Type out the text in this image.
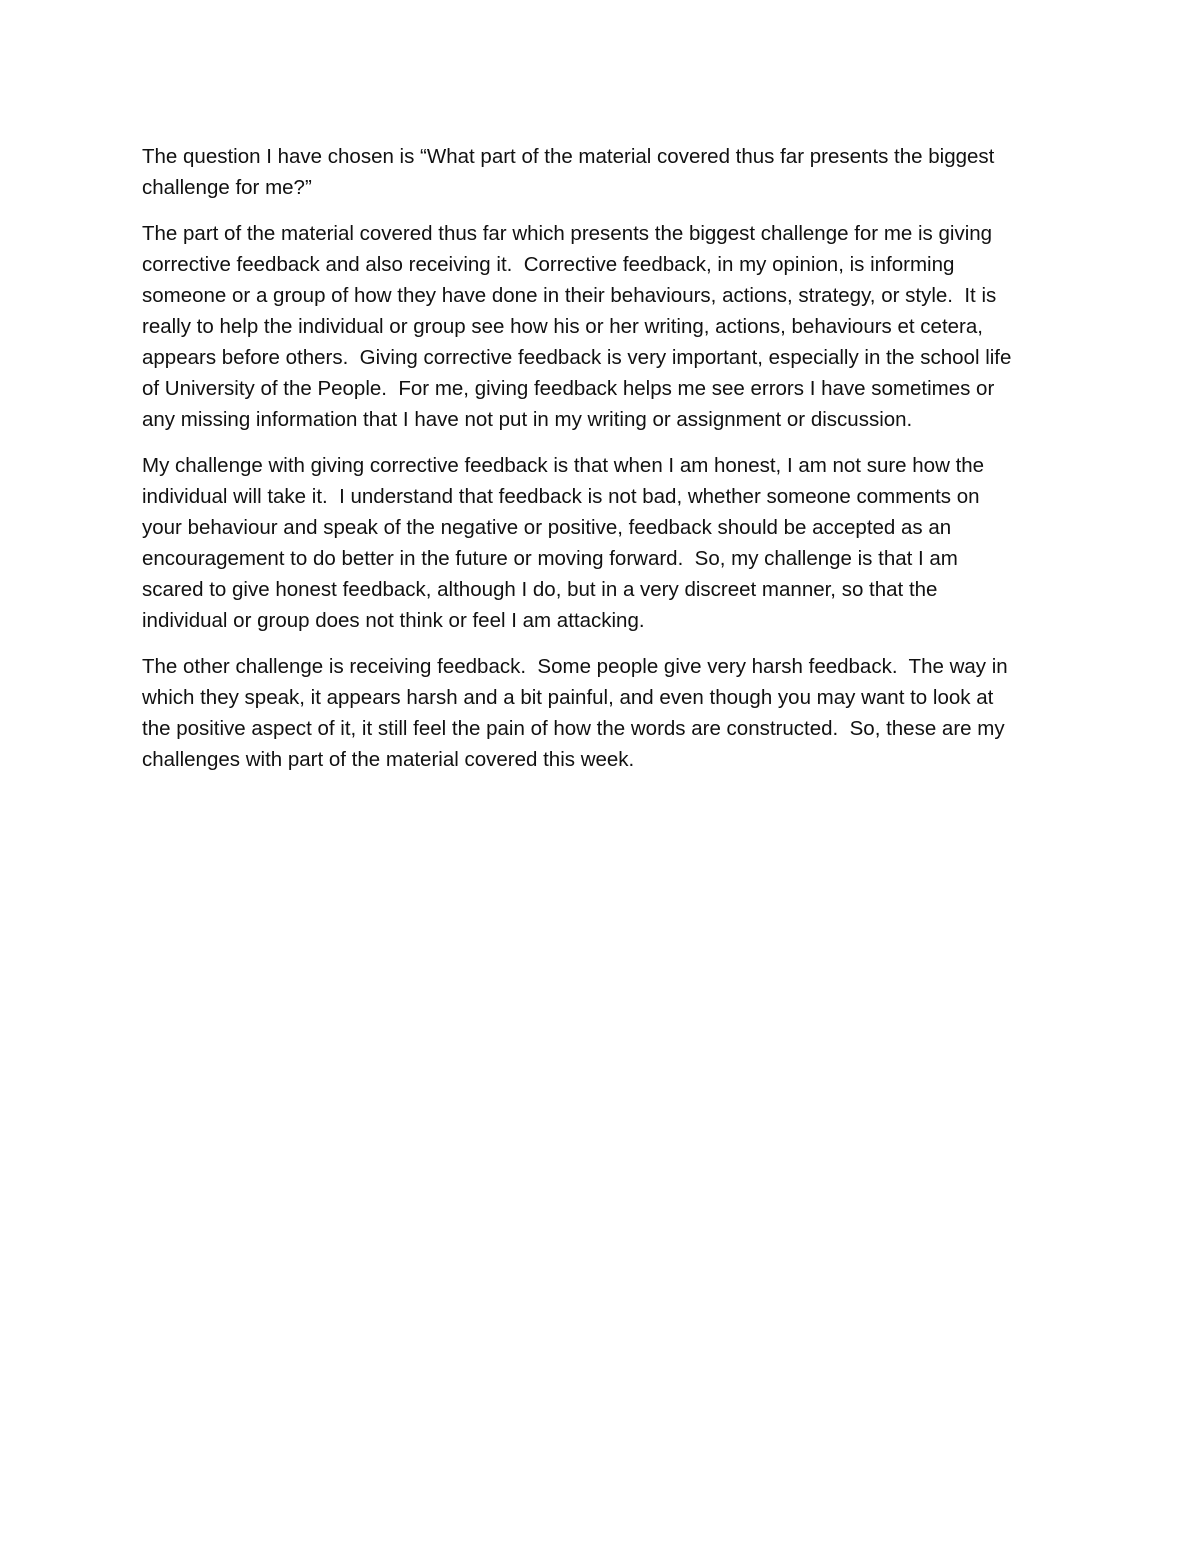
The question I have chosen is “What part of the material covered thus far presents the biggest
challenge for me?”
The part of the material covered thus far which presents the biggest challenge for me is giving
corrective feedback and also receiving it.  Corrective feedback, in my opinion, is informing
someone or a group of how they have done in their behaviours, actions, strategy, or style.  It is
really to help the individual or group see how his or her writing, actions, behaviours et cetera,
appears before others.  Giving corrective feedback is very important, especially in the school life
of University of the People.  For me, giving feedback helps me see errors I have sometimes or
any missing information that I have not put in my writing or assignment or discussion.
My challenge with giving corrective feedback is that when I am honest, I am not sure how the
individual will take it.  I understand that feedback is not bad, whether someone comments on
your behaviour and speak of the negative or positive, feedback should be accepted as an
encouragement to do better in the future or moving forward.  So, my challenge is that I am
scared to give honest feedback, although I do, but in a very discreet manner, so that the
individual or group does not think or feel I am attacking.
The other challenge is receiving feedback.  Some people give very harsh feedback.  The way in
which they speak, it appears harsh and a bit painful, and even though you may want to look at
the positive aspect of it, it still feel the pain of how the words are constructed.  So, these are my
challenges with part of the material covered this week.
